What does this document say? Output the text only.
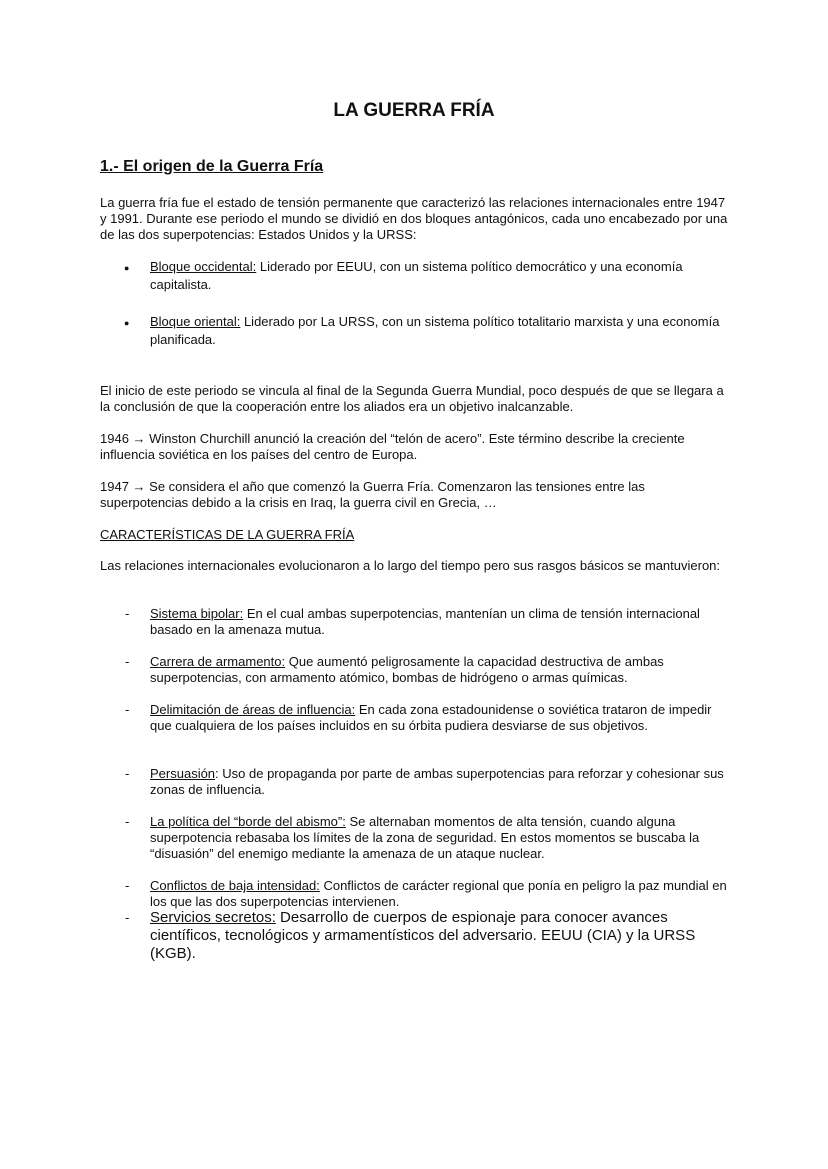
LA GUERRA FRÍA
1.- El origen de la Guerra Fría
La guerra fría fue el estado de tensión permanente que caracterizó las relaciones internacionales entre 1947 y 1991. Durante ese periodo el mundo se dividió en dos bloques antagónicos, cada uno encabezado por una de las dos superpotencias: Estados Unidos y la URSS:
● Bloque occidental: Liderado por EEUU, con un sistema político democrático y una economía capitalista.
● Bloque oriental: Liderado por La URSS, con un sistema político totalitario marxista y una economía planificada.
El inicio de este periodo se vincula al final de la Segunda Guerra Mundial, poco después de que se llegara a la conclusión de que la cooperación entre los aliados era un objetivo inalcanzable.
1946 → Winston Churchill anunció la creación del “telón de acero”. Este término describe la creciente influencia soviética en los países del centro de Europa.
1947 → Se considera el año que comenzó la Guerra Fría. Comenzaron las tensiones entre las superpotencias debido a la crisis en Iraq, la guerra civil en Grecia, …
CARACTERÍSTICAS DE LA GUERRA FRÍA
Las relaciones internacionales evolucionaron a lo largo del tiempo pero sus rasgos básicos se mantuvieron:
- Sistema bipolar: En el cual ambas superpotencias, mantenían un clima de tensión internacional basado en la amenaza mutua.
- Carrera de armamento: Que aumentó peligrosamente la capacidad destructiva de ambas superpotencias, con armamento atómico, bombas de hidrógeno o armas químicas.
- Delimitación de áreas de influencia: En cada zona estadounidense o soviética trataron de impedir que cualquiera de los países incluidos en su órbita pudiera desviarse de sus objetivos.
- Persuasión: Uso de propaganda por parte de ambas superpotencias para reforzar y cohesionar sus zonas de influencia.
- La política del “borde del abismo”: Se alternaban momentos de alta tensión, cuando alguna superpotencia rebasaba los límites de la zona de seguridad. En estos momentos se buscaba la “disuasión” del enemigo mediante la amenaza de un ataque nuclear.
- Conflictos de baja intensidad: Conflictos de carácter regional que ponía en peligro la paz mundial en los que las dos superpotencias intervienen.
- Servicios secretos: Desarrollo de cuerpos de espionaje para conocer avances científicos, tecnológicos y armamentísticos del adversario. EEUU (CIA) y la URSS (KGB).
